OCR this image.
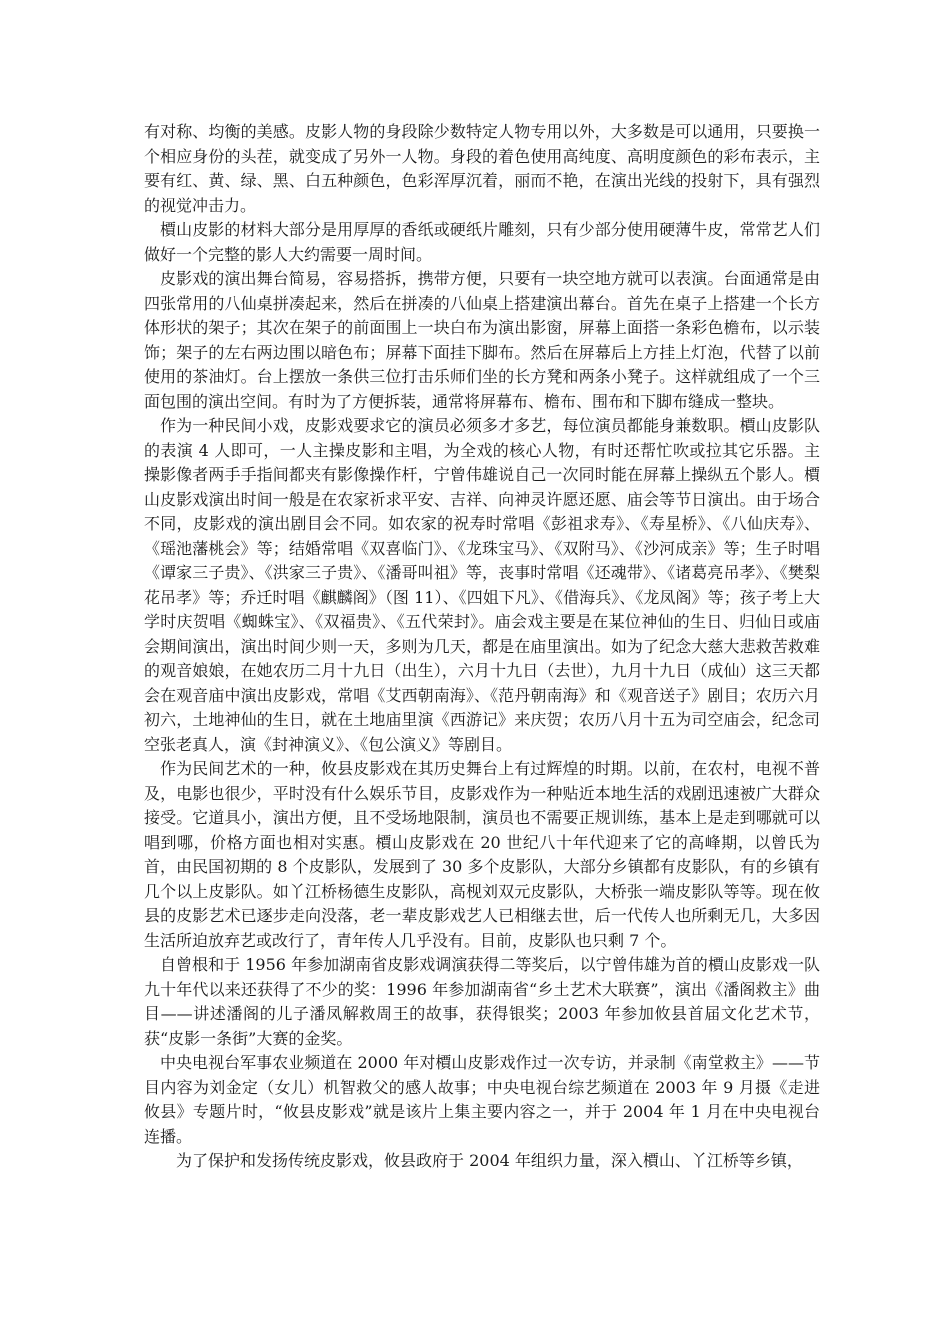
有对称、均衡的美感。皮影人物的身段除少数特定人物专用以外，大多数是可以通用，只要换一个相应身份的头茬，就变成了另外一人物。身段的着色使用高纯度、高明度颜色的彩布表示，主要有红、黄、绿、黑、白五种颜色，色彩浑厚沉着，丽而不艳，在演出光线的投射下，具有强烈的视觉冲击力。

檟山皮影的材料大部分是用厚厚的香纸或硬纸片雕刻，只有少部分使用硬薄牛皮，常常艺人们做好一个完整的影人大约需要一周时间。

皮影戏的演出舞台简易，容易搭拆，携带方便，只要有一块空地方就可以表演。台面通常是由四张常用的八仙桌拼凑起来，然后在拼凑的八仙桌上搭建演出幕台。首先在桌子上搭建一个长方体形状的架子；其次在架子的前面围上一块白布为演出影窗，屏幕上面搭一条彩色檐布，以示装饰；架子的左右两边围以暗色布；屏幕下面挂下脚布。然后在屏幕后上方挂上灯泡，代替了以前使用的茶油灯。台上摆放一条供三位打击乐师们坐的长方凳和两条小凳子。这样就组成了一个三面包围的演出空间。有时为了方便拆装，通常将屏幕布、檐布、围布和下脚布缝成一整块。

作为一种民间小戏，皮影戏要求它的演员必须多才多艺，每位演员都能身兼数职。檟山皮影队的表演 4 人即可，一人主操皮影和主唱，为全戏的核心人物，有时还帮忙吹或拉其它乐器。主操影像者两手手指间都夹有影像操作杆，宁曾伟雄说自己一次同时能在屏幕上操纵五个影人。檟山皮影戏演出时间一般是在农家祈求平安、吉祥、向神灵许愿还愿、庙会等节日演出。由于场合不同，皮影戏的演出剧目会不同。如农家的祝寿时常唱《彭祖求寿》、《寿星桥》、《八仙庆寿》、《瑶池藩桃会》等；结婚常唱《双喜临门》、《龙珠宝马》、《双附马》、《沙河成亲》等；生子时唱《谭家三子贵》、《洪家三子贵》、《潘哥叫祖》等，丧事时常唱《还魂带》、《诸葛亮吊孝》、《樊梨花吊孝》等；乔迁时唱《麒麟阁》（图 11）、《四姐下凡》、《借海兵》、《龙凤阁》等；孩子考上大学时庆贺唱《蜘蛛宝》、《双福贵》、《五代荣封》。庙会戏主要是在某位神仙的生日、归仙日或庙会期间演出，演出时间少则一天，多则为几天，都是在庙里演出。如为了纪念大慈大悲救苦救难的观音娘娘，在她农历二月十九日（出生），六月十九日（去世），九月十九日（成仙）这三天都会在观音庙中演出皮影戏，常唱《艾西朝南海》、《范丹朝南海》和《观音送子》剧目；农历六月初六，土地神仙的生日，就在土地庙里演《西游记》来庆贺；农历八月十五为司空庙会，纪念司空张老真人，演《封神演义》、《包公演义》等剧目。

作为民间艺术的一种，攸县皮影戏在其历史舞台上有过辉煌的时期。以前，在农村，电视不普及，电影也很少，平时没有什么娱乐节目，皮影戏作为一种贴近本地生活的戏剧迅速被广大群众接受。它道具小，演出方便，且不受场地限制，演员也不需要正规训练，基本上是走到哪就可以唱到哪，价格方面也相对实惠。檟山皮影戏在 20 世纪八十年代迎来了它的高峰期，以曾氏为首，由民国初期的 8 个皮影队，发展到了 30 多个皮影队，大部分乡镇都有皮影队，有的乡镇有几个以上皮影队。如丫江桥杨德生皮影队，高枧刘双元皮影队，大桥张一端皮影队等等。现在攸县的皮影艺术已逐步走向没落，老一辈皮影戏艺人已相继去世，后一代传人也所剩无几，大多因生活所迫放弃艺或改行了，青年传人几乎没有。目前，皮影队也只剩 7 个。

自曾根和于 1956 年参加湖南省皮影戏调演获得二等奖后，以宁曾伟雄为首的檟山皮影戏一队九十年代以来还获得了不少的奖：1996 年参加湖南省“乡土艺术大联赛”，演出《潘阁救主》曲目——讲述潘阁的儿子潘凤解救周王的故事，获得银奖；2003 年参加攸县首届文化艺术节，获“皮影一条街”大赛的金奖。

中央电视台军事农业频道在 2000 年对檟山皮影戏作过一次专访，并录制《南堂救主》——节目内容为刘金定（女儿）机智救父的感人故事；中央电视台综艺频道在 2003 年 9 月摄《走进攸县》专题片时，“攸县皮影戏”就是该片上集主要内容之一，并于 2004 年 1 月在中央电视台连播。

为了保护和发扬传统皮影戏，攸县政府于 2004 年组织力量，深入檟山、丫江桥等乡镇，
